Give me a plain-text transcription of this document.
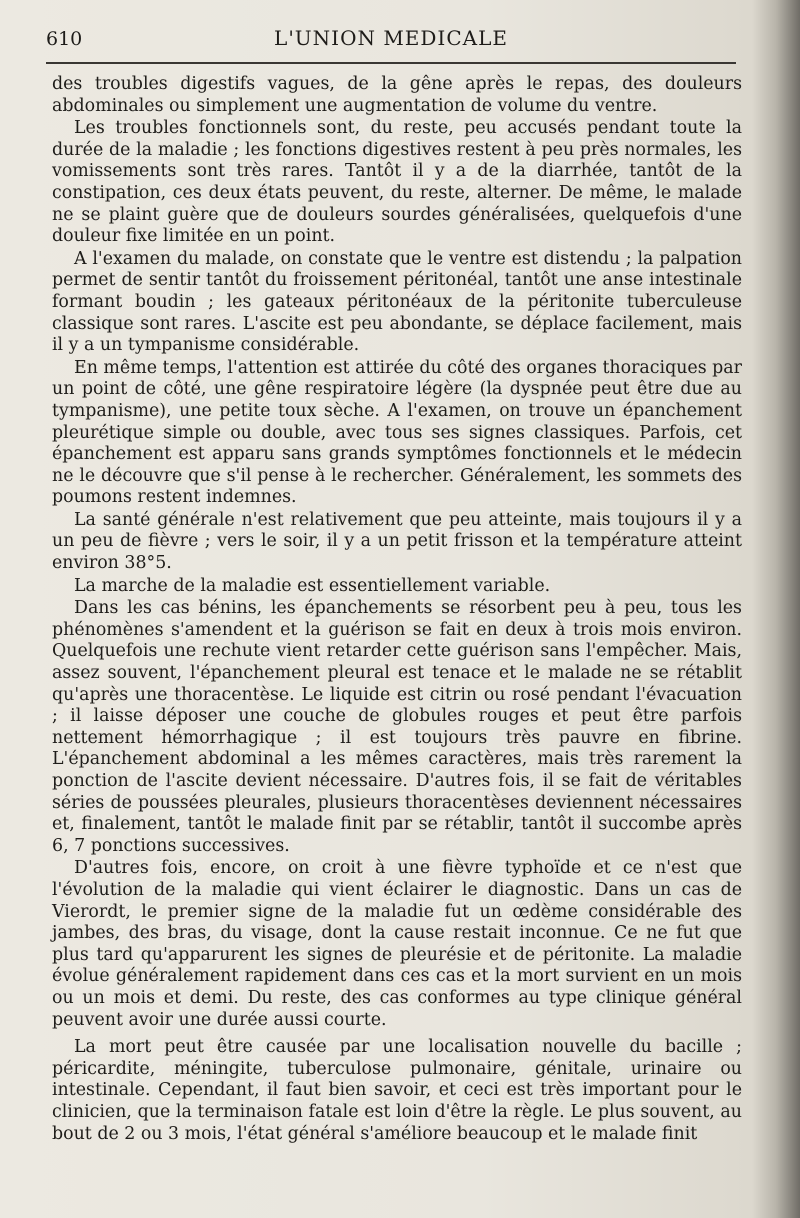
610	L'UNION MEDICALE

des troubles digestifs vagues, de la gêne après le repas, des douleurs abdominales ou simplement une augmentation de volume du ventre.

Les troubles fonctionnels sont, du reste, peu accusés pendant toute la durée de la maladie ; les fonctions digestives restent à peu près normales, les vomissements sont très rares. Tantôt il y a de la diarrhée, tantôt de la constipation, ces deux états peuvent, du reste, alterner. De même, le malade ne se plaint guère que de douleurs sourdes généralisées, quelquefois d'une douleur fixe limitée en un point.

A l'examen du malade, on constate que le ventre est distendu ; la palpation permet de sentir tantôt du froissement péritonéal, tantôt une anse intestinale formant boudin ; les gateaux péritonéaux de la péritonite tuberculeuse classique sont rares. L'ascite est peu abondante, se déplace facilement, mais il y a un tympanisme considérable.

En même temps, l'attention est attirée du côté des organes thoraciques par un point de côté, une gêne respiratoire légère (la dyspnée peut être due au tympanisme), une petite toux sèche. A l'examen, on trouve un épanchement pleurétique simple ou double, avec tous ses signes classiques. Parfois, cet épanchement est apparu sans grands symptômes fonctionnels et le médecin ne le découvre que s'il pense à le rechercher. Généralement, les sommets des poumons restent indemnes.

La santé générale n'est relativement que peu atteinte, mais toujours il y a un peu de fièvre ; vers le soir, il y a un petit frisson et la température atteint environ 38°5.

La marche de la maladie est essentiellement variable.

Dans les cas bénins, les épanchements se résorbent peu à peu, tous les phénomènes s'amendent et la guérison se fait en deux à trois mois environ. Quelquefois une rechute vient retarder cette guérison sans l'empêcher. Mais, assez souvent, l'épanchement pleural est tenace et le malade ne se rétablit qu'après une thoracentèse. Le liquide est citrin ou rosé pendant l'évacuation ; il laisse déposer une couche de globules rouges et peut être parfois nettement hémorrhagique ; il est toujours très pauvre en fibrine. L'épanchement abdominal a les mêmes caractères, mais très rarement la ponction de l'ascite devient nécessaire. D'autres fois, il se fait de véritables séries de poussées pleurales, plusieurs thoracentèses deviennent nécessaires et, finalement, tantôt le malade finit par se rétablir, tantôt il succombe après 6, 7 ponctions successives.

D'autres fois, encore, on croit à une fièvre typhoïde et ce n'est que l'évolution de la maladie qui vient éclairer le diagnostic. Dans un cas de Vierordt, le premier signe de la maladie fut un œdème considérable des jambes, des bras, du visage, dont la cause restait inconnue. Ce ne fut que plus tard qu'apparurent les signes de pleurésie et de péritonite. La maladie évolue généralement rapidement dans ces cas et la mort survient en un mois ou un mois et demi. Du reste, des cas conformes au type clinique général peuvent avoir une durée aussi courte.

La mort peut être causée par une localisation nouvelle du bacille ; péricardite, méningite, tuberculose pulmonaire, génitale, urinaire ou intestinale. Cependant, il faut bien savoir, et ceci est très important pour le clinicien, que la terminaison fatale est loin d'être la règle. Le plus souvent, au bout de 2 ou 3 mois, l'état général s'améliore beaucoup et le malade finit
